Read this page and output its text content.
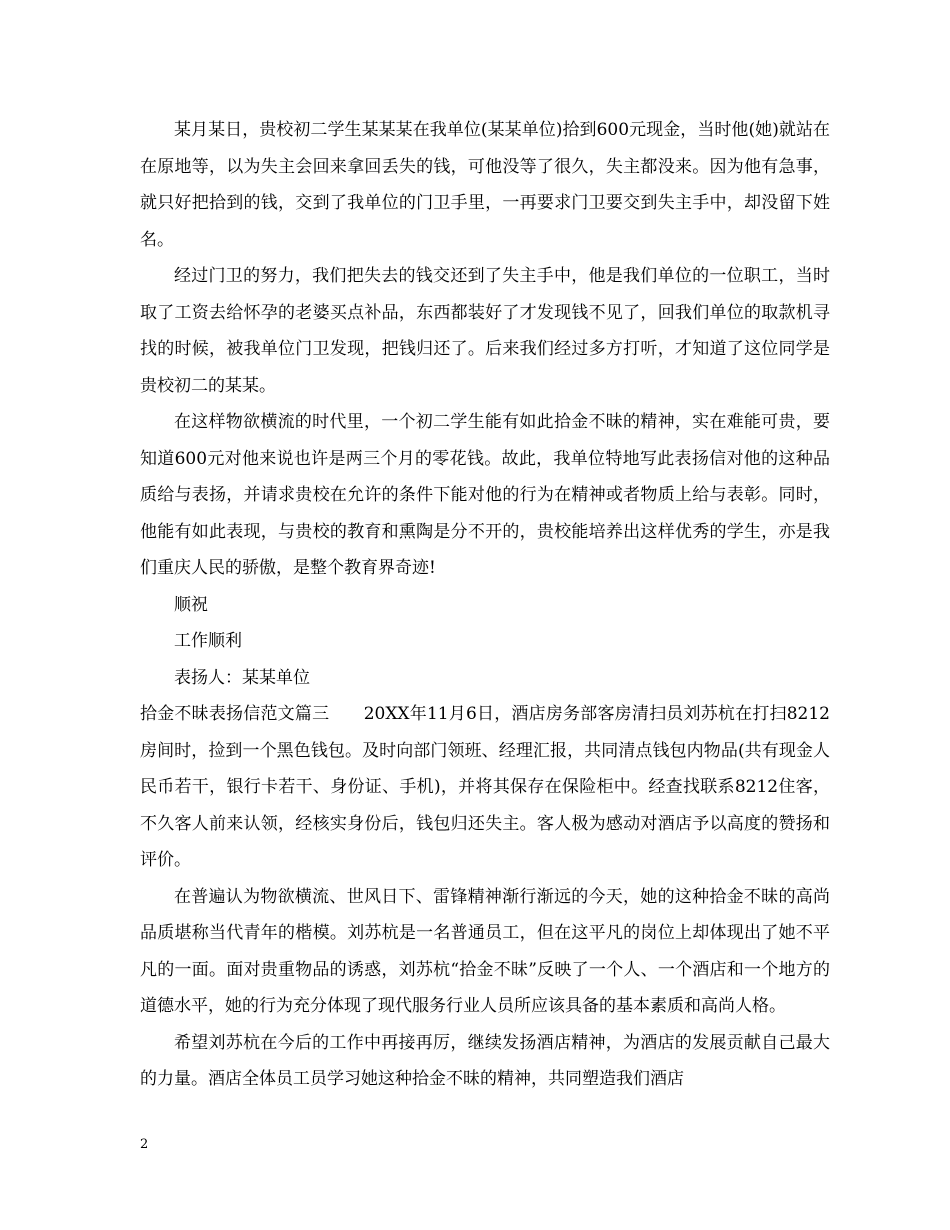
某月某日，贵校初二学生某某某在我单位(某某单位)拾到600元现金，当时他(她)就站在在原地等，以为失主会回来拿回丢失的钱，可他没等了很久，失主都没来。因为他有急事，就只好把拾到的钱，交到了我单位的门卫手里，一再要求门卫要交到失主手中，却没留下姓名。

经过门卫的努力，我们把失去的钱交还到了失主手中，他是我们单位的一位职工，当时取了工资去给怀孕的老婆买点补品，东西都装好了才发现钱不见了，回我们单位的取款机寻找的时候，被我单位门卫发现，把钱归还了。后来我们经过多方打听，才知道了这位同学是贵校初二的某某。

在这样物欲横流的时代里，一个初二学生能有如此拾金不昧的精神，实在难能可贵，要知道600元对他来说也许是两三个月的零花钱。故此，我单位特地写此表扬信对他的这种品质给与表扬，并请求贵校在允许的条件下能对他的行为在精神或者物质上给与表彰。同时，他能有如此表现，与贵校的教育和熏陶是分不开的，贵校能培养出这样优秀的学生，亦是我们重庆人民的骄傲，是整个教育界奇迹!

顺祝

工作顺利

表扬人：某某单位

拾金不昧表扬信范文篇三　　20XX年11月6日，酒店房务部客房清扫员刘苏杭在打扫8212房间时，捡到一个黑色钱包。及时向部门领班、经理汇报，共同清点钱包内物品(共有现金人民币若干，银行卡若干、身份证、手机)，并将其保存在保险柜中。经查找联系8212住客，不久客人前来认领，经核实身份后，钱包归还失主。客人极为感动对酒店予以高度的赞扬和评价。

在普遍认为物欲横流、世风日下、雷锋精神渐行渐远的今天，她的这种拾金不昧的高尚品质堪称当代青年的楷模。刘苏杭是一名普通员工，但在这平凡的岗位上却体现出了她不平凡的一面。面对贵重物品的诱惑，刘苏杭“拾金不昧”反映了一个人、一个酒店和一个地方的道德水平，她的行为充分体现了现代服务行业人员所应该具备的基本素质和高尚人格。

希望刘苏杭在今后的工作中再接再厉，继续发扬酒店精神，为酒店的发展贡献自己最大的力量。酒店全体员工员学习她这种拾金不昧的精神，共同塑造我们酒店

2
